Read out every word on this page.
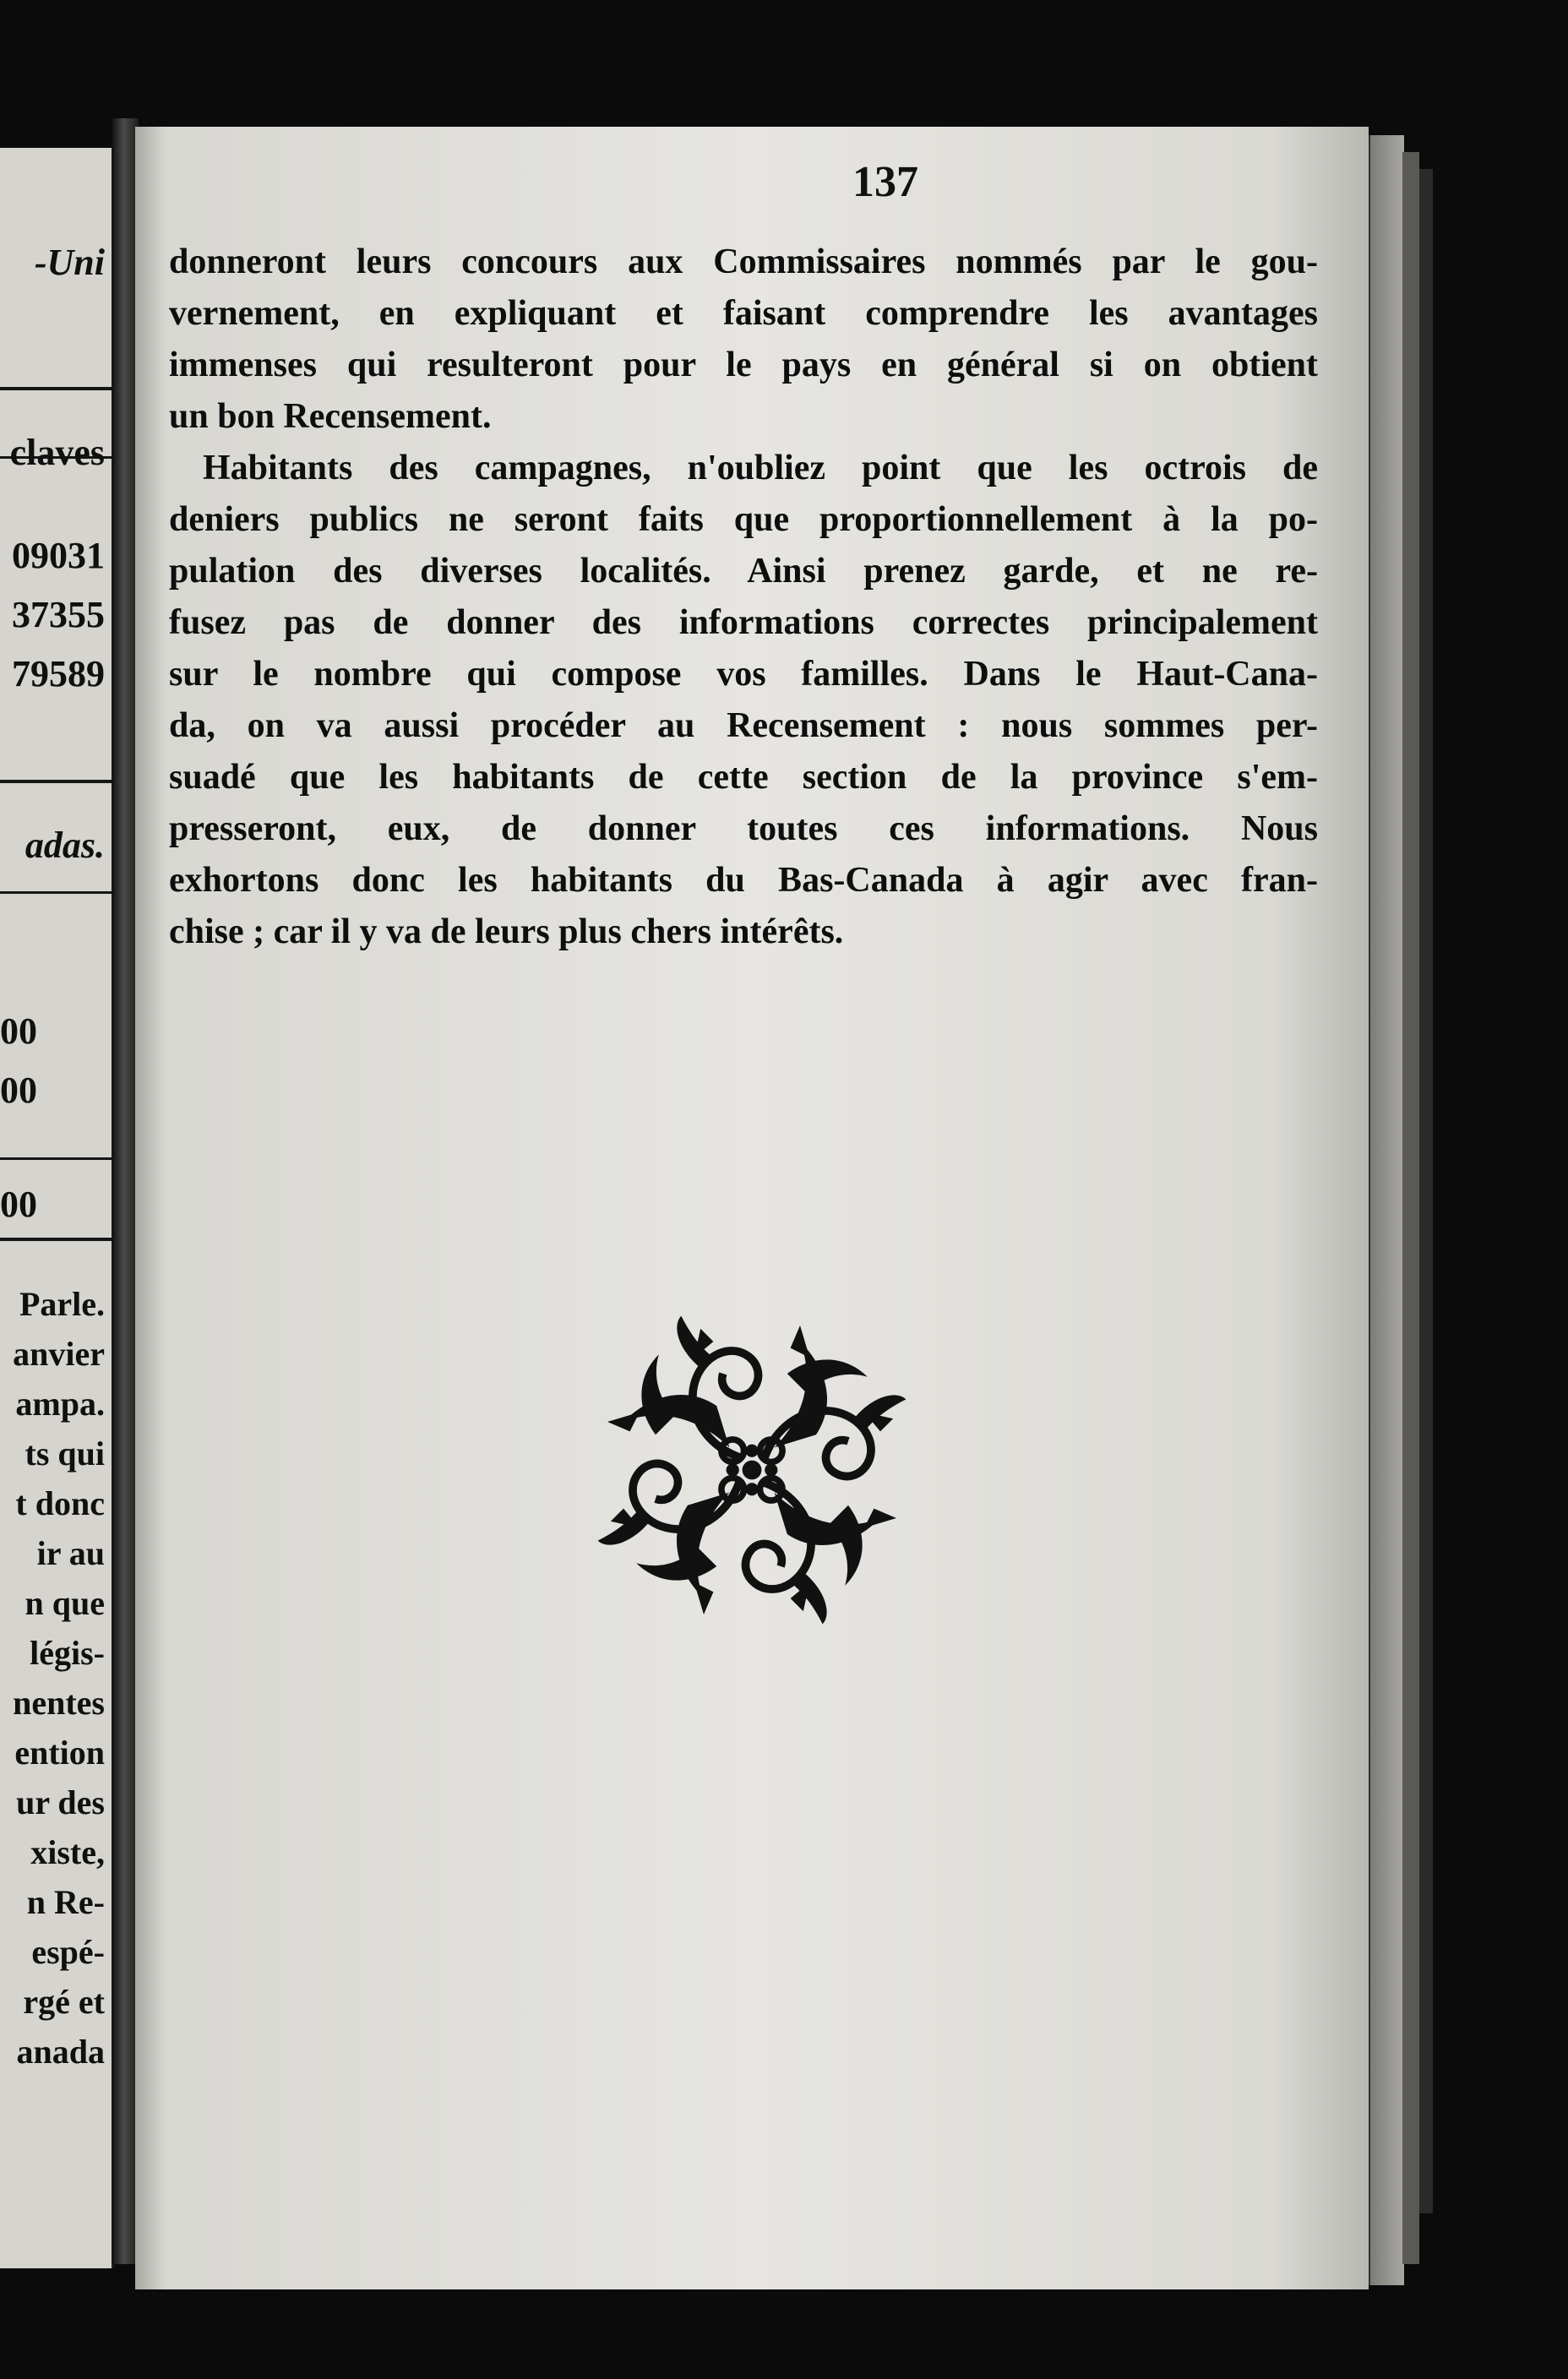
-Uni
claves
09031
37355
79589
adas.
00
00
00
Parle.
anvier
ampa.
ts qui
t donc
ir au
n que
légis-
nentes
ention
ur des
xiste,
n Re-
espé-
rgé et
anada
137
donneront leurs concours aux Commissaires nommés par le gou-
vernement, en expliquant et faisant comprendre les avantages
immenses qui resulteront pour le pays en général si on obtient
un bon Recensement.
Habitants des campagnes, n'oubliez point que les octrois de
deniers publics ne seront faits que proportionnellement à la po-
pulation des diverses localités. Ainsi prenez garde, et ne re-
fusez pas de donner des informations correctes principalement
sur le nombre qui compose vos familles. Dans le Haut-Cana-
da, on va aussi procéder au Recensement : nous sommes per-
suadé que les habitants de cette section de la province s'em-
presseront, eux, de donner toutes ces informations. Nous
exhortons donc les habitants du Bas-Canada à agir avec fran-
chise ; car il y va de leurs plus chers intérêts.
